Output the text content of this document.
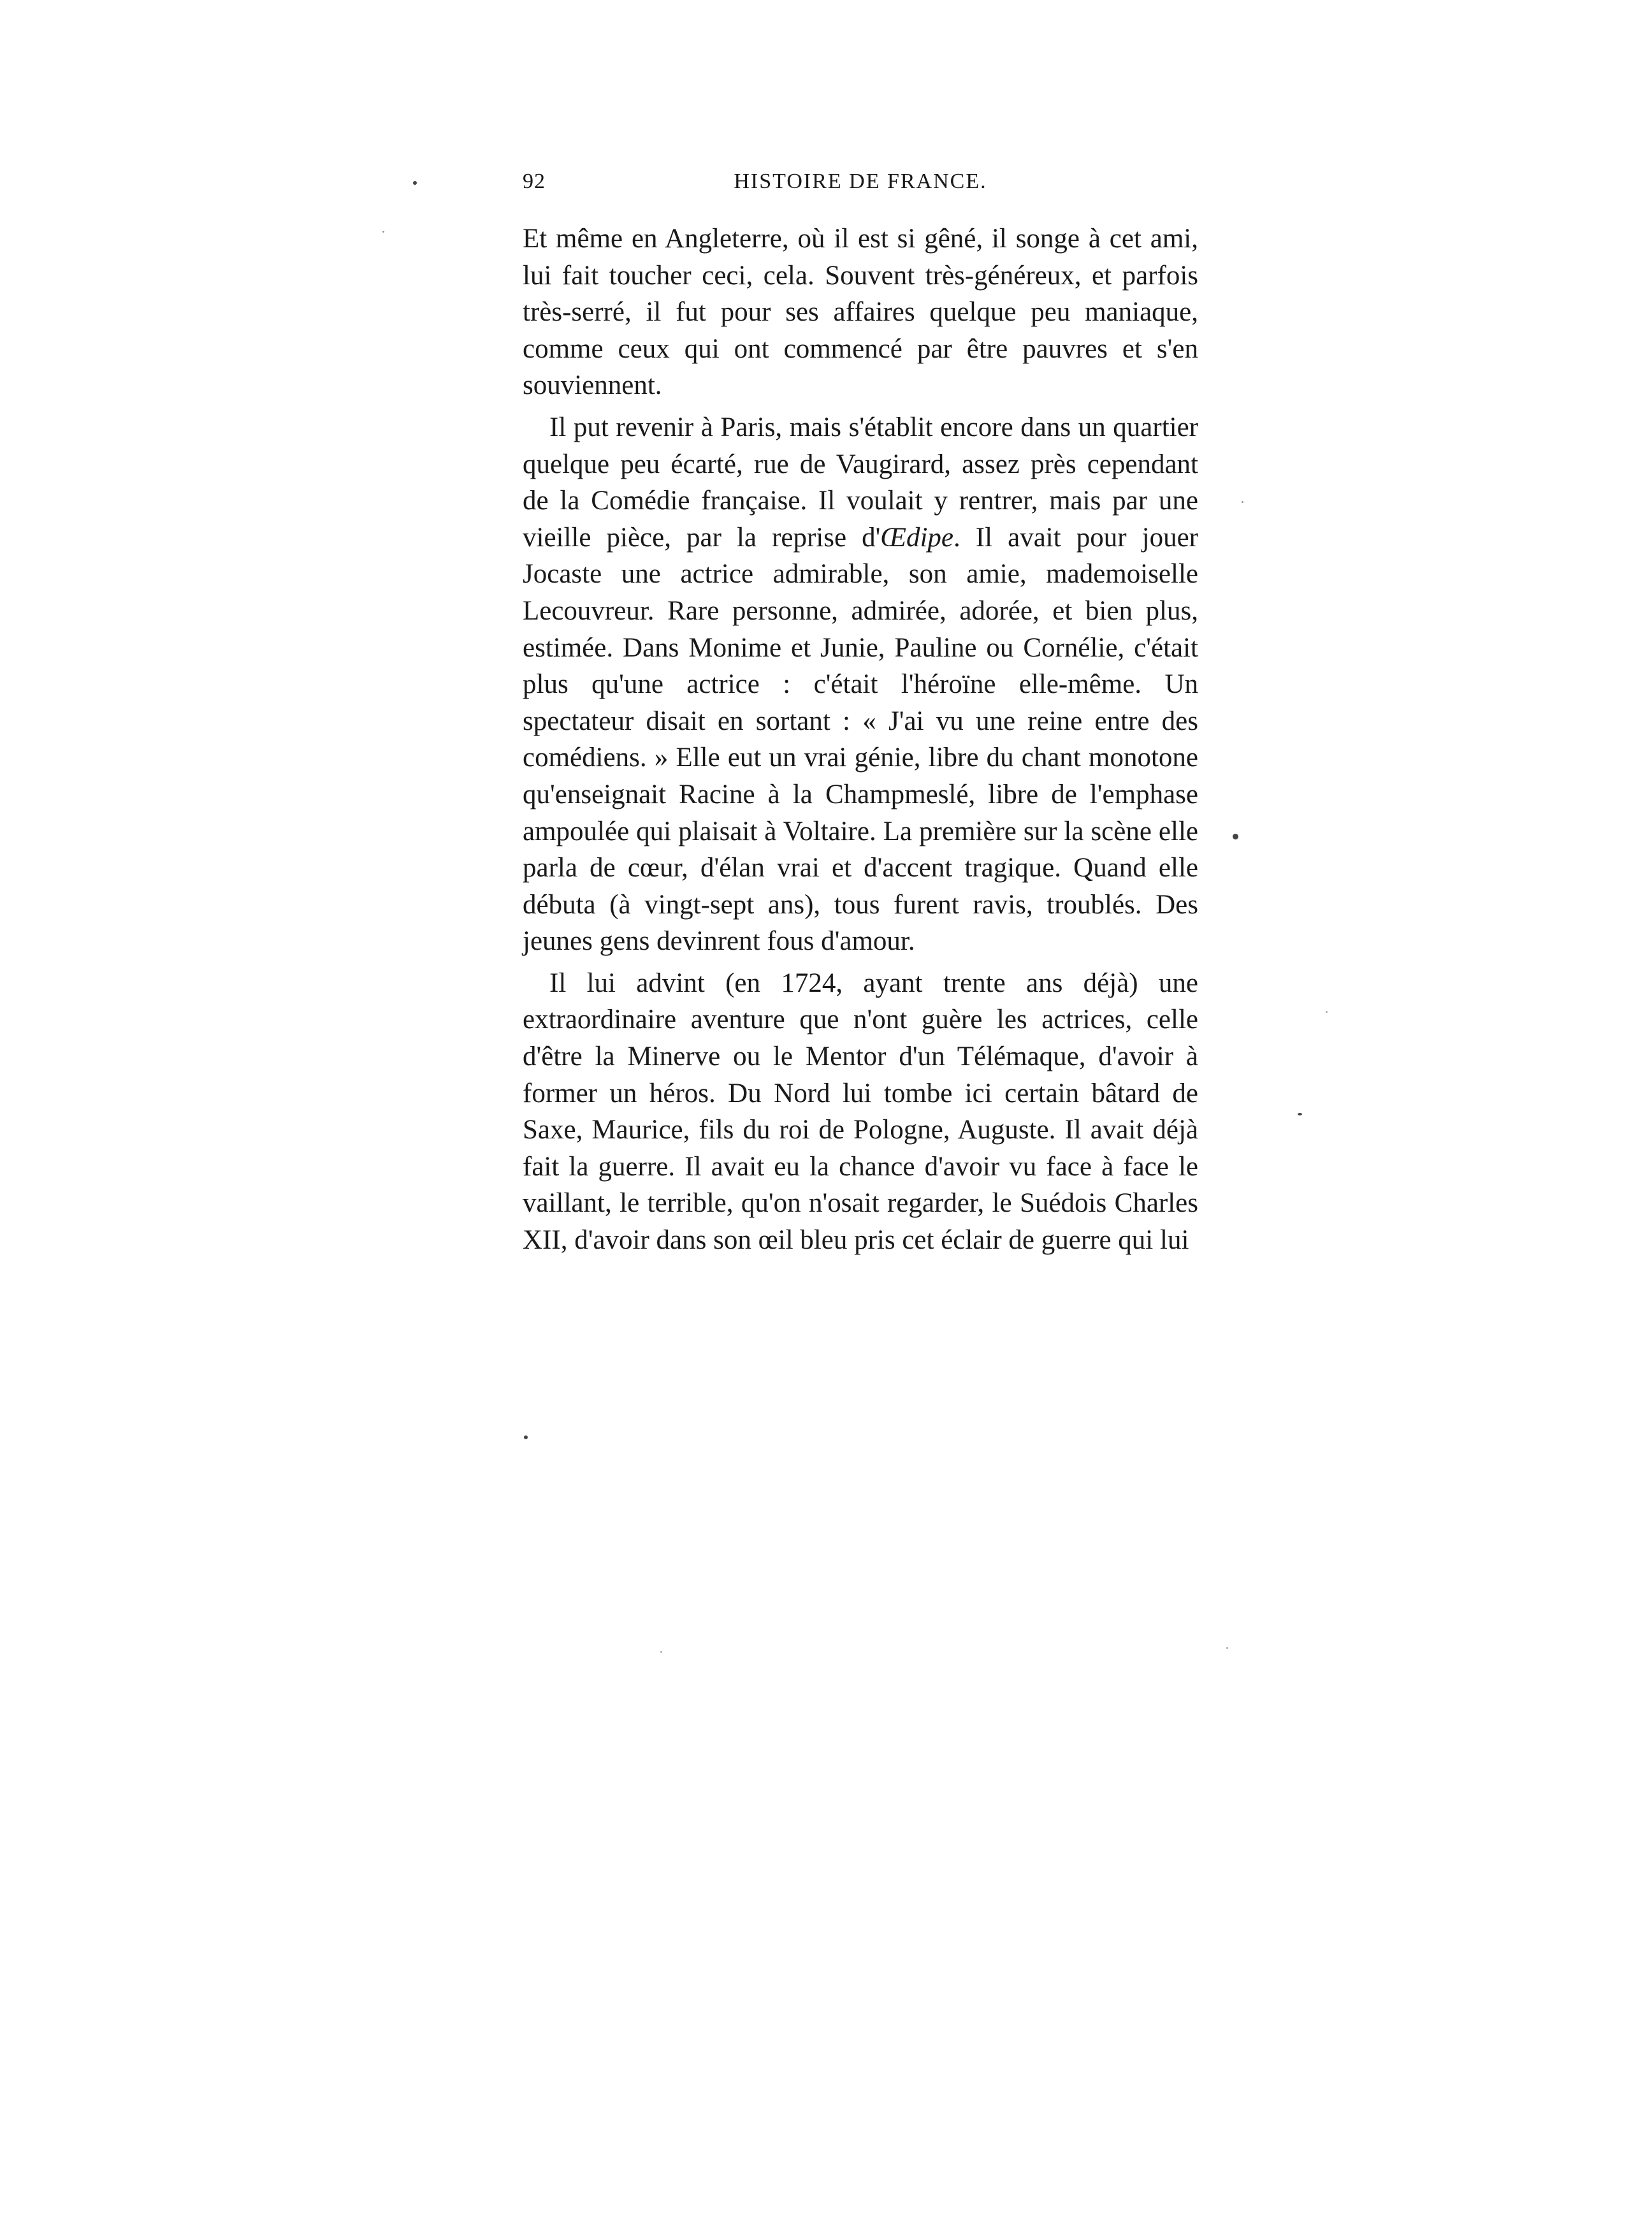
92	HISTOIRE DE FRANCE.

Et même en Angleterre, où il est si gêné, il songe à cet ami, lui fait toucher ceci, cela. Souvent très-généreux, et parfois très-serré, il fut pour ses affaires quelque peu maniaque, comme ceux qui ont commencé par être pauvres et s'en souviennent.

Il put revenir à Paris, mais s'établit encore dans un quartier quelque peu écarté, rue de Vaugirard, assez près cependant de la Comédie française. Il voulait y rentrer, mais par une vieille pièce, par la reprise d'Œdipe. Il avait pour jouer Jocaste une actrice admirable, son amie, mademoiselle Lecouvreur. Rare personne, admirée, adorée, et bien plus, estimée. Dans Monime et Junie, Pauline ou Cornélie, c'était plus qu'une actrice : c'était l'héroïne elle-même. Un spectateur disait en sortant : « J'ai vu une reine entre des comédiens. » Elle eut un vrai génie, libre du chant monotone qu'enseignait Racine à la Champmeslé, libre de l'emphase ampoulée qui plaisait à Voltaire. La première sur la scène elle parla de cœur, d'élan vrai et d'accent tragique. Quand elle débuta (à vingt-sept ans), tous furent ravis, troublés. Des jeunes gens devinrent fous d'amour.

Il lui advint (en 1724, ayant trente ans déjà) une extraordinaire aventure que n'ont guère les actrices, celle d'être la Minerve ou le Mentor d'un Télémaque, d'avoir à former un héros. Du Nord lui tombe ici certain bâtard de Saxe, Maurice, fils du roi de Pologne, Auguste. Il avait déjà fait la guerre. Il avait eu la chance d'avoir vu face à face le vaillant, le terrible, qu'on n'osait regarder, le Suédois Charles XII, d'avoir dans son œil bleu pris cet éclair de guerre qui lui
